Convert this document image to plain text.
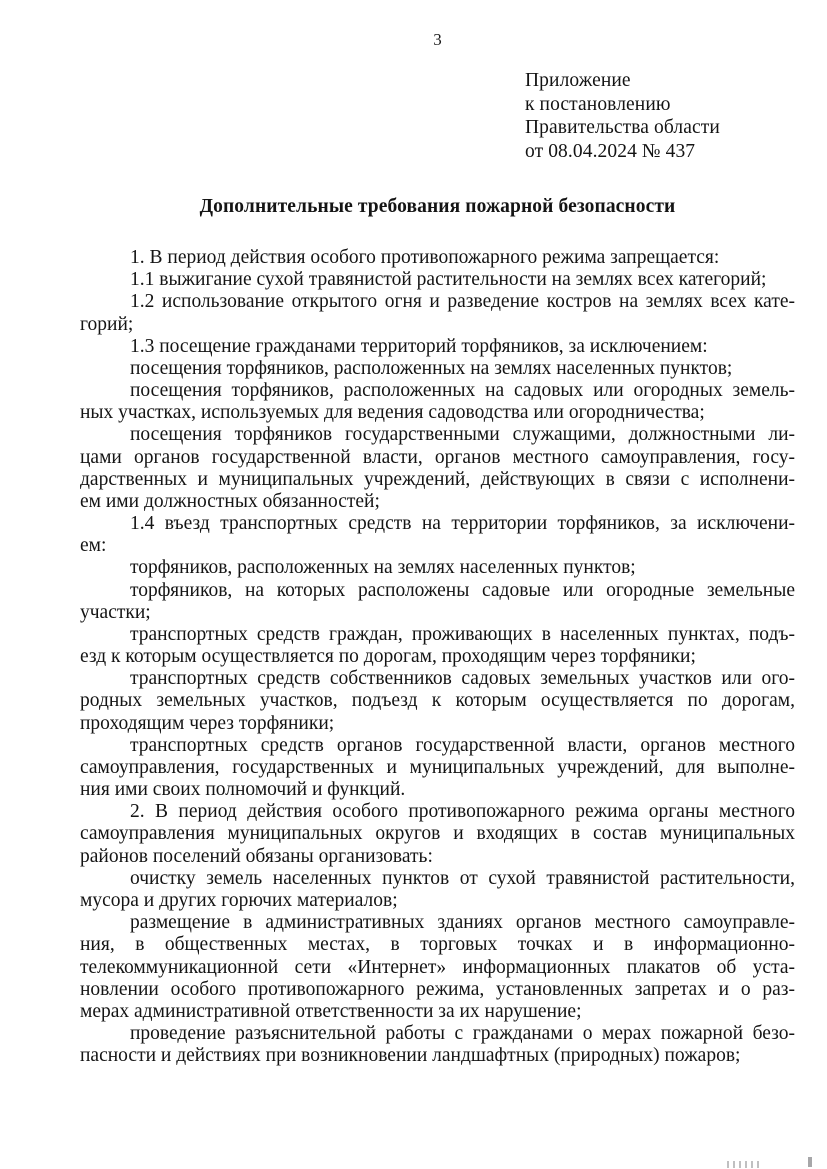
3
Приложение
к постановлению
Правительства области
от 08.04.2024 № 437
Дополнительные требования пожарной безопасности
1. В период действия особого противопожарного режима запрещается:
1.1 выжигание сухой травянистой растительности на землях всех категорий;
1.2 использование открытого огня и разведение костров на землях всех кате-
горий;
1.3 посещение гражданами территорий торфяников, за исключением:
посещения торфяников, расположенных на землях населенных пунктов;
посещения торфяников, расположенных на садовых или огородных земель-
ных участках, используемых для ведения садоводства или огородничества;
посещения торфяников государственными служащими, должностными ли-
цами органов государственной власти, органов местного самоуправления, госу-
дарственных и муниципальных учреждений, действующих в связи с исполнени-
ем ими должностных обязанностей;
1.4 въезд транспортных средств на территории торфяников, за исключени-
ем:
торфяников, расположенных на землях населенных пунктов;
торфяников, на которых расположены садовые или огородные земельные
участки;
транспортных средств граждан, проживающих в населенных пунктах, подъ-
езд к которым осуществляется по дорогам, проходящим через торфяники;
транспортных средств собственников садовых земельных участков или ого-
родных земельных участков, подъезд к которым осуществляется по дорогам,
проходящим через торфяники;
транспортных средств органов государственной власти, органов местного
самоуправления, государственных и муниципальных учреждений, для выполне-
ния ими своих полномочий и функций.
2. В период действия особого противопожарного режима органы местного
самоуправления муниципальных округов и входящих в состав муниципальных
районов поселений обязаны организовать:
очистку земель населенных пунктов от сухой травянистой растительности,
мусора и других горючих материалов;
размещение в административных зданиях органов местного самоуправле-
ния, в общественных местах, в торговых точках и в информационно-
телекоммуникационной сети «Интернет» информационных плакатов об уста-
новлении особого противопожарного режима, установленных запретах и о раз-
мерах административной ответственности за их нарушение;
проведение разъяснительной работы с гражданами о мерах пожарной безо-
пасности и действиях при возникновении ландшафтных (природных) пожаров;
